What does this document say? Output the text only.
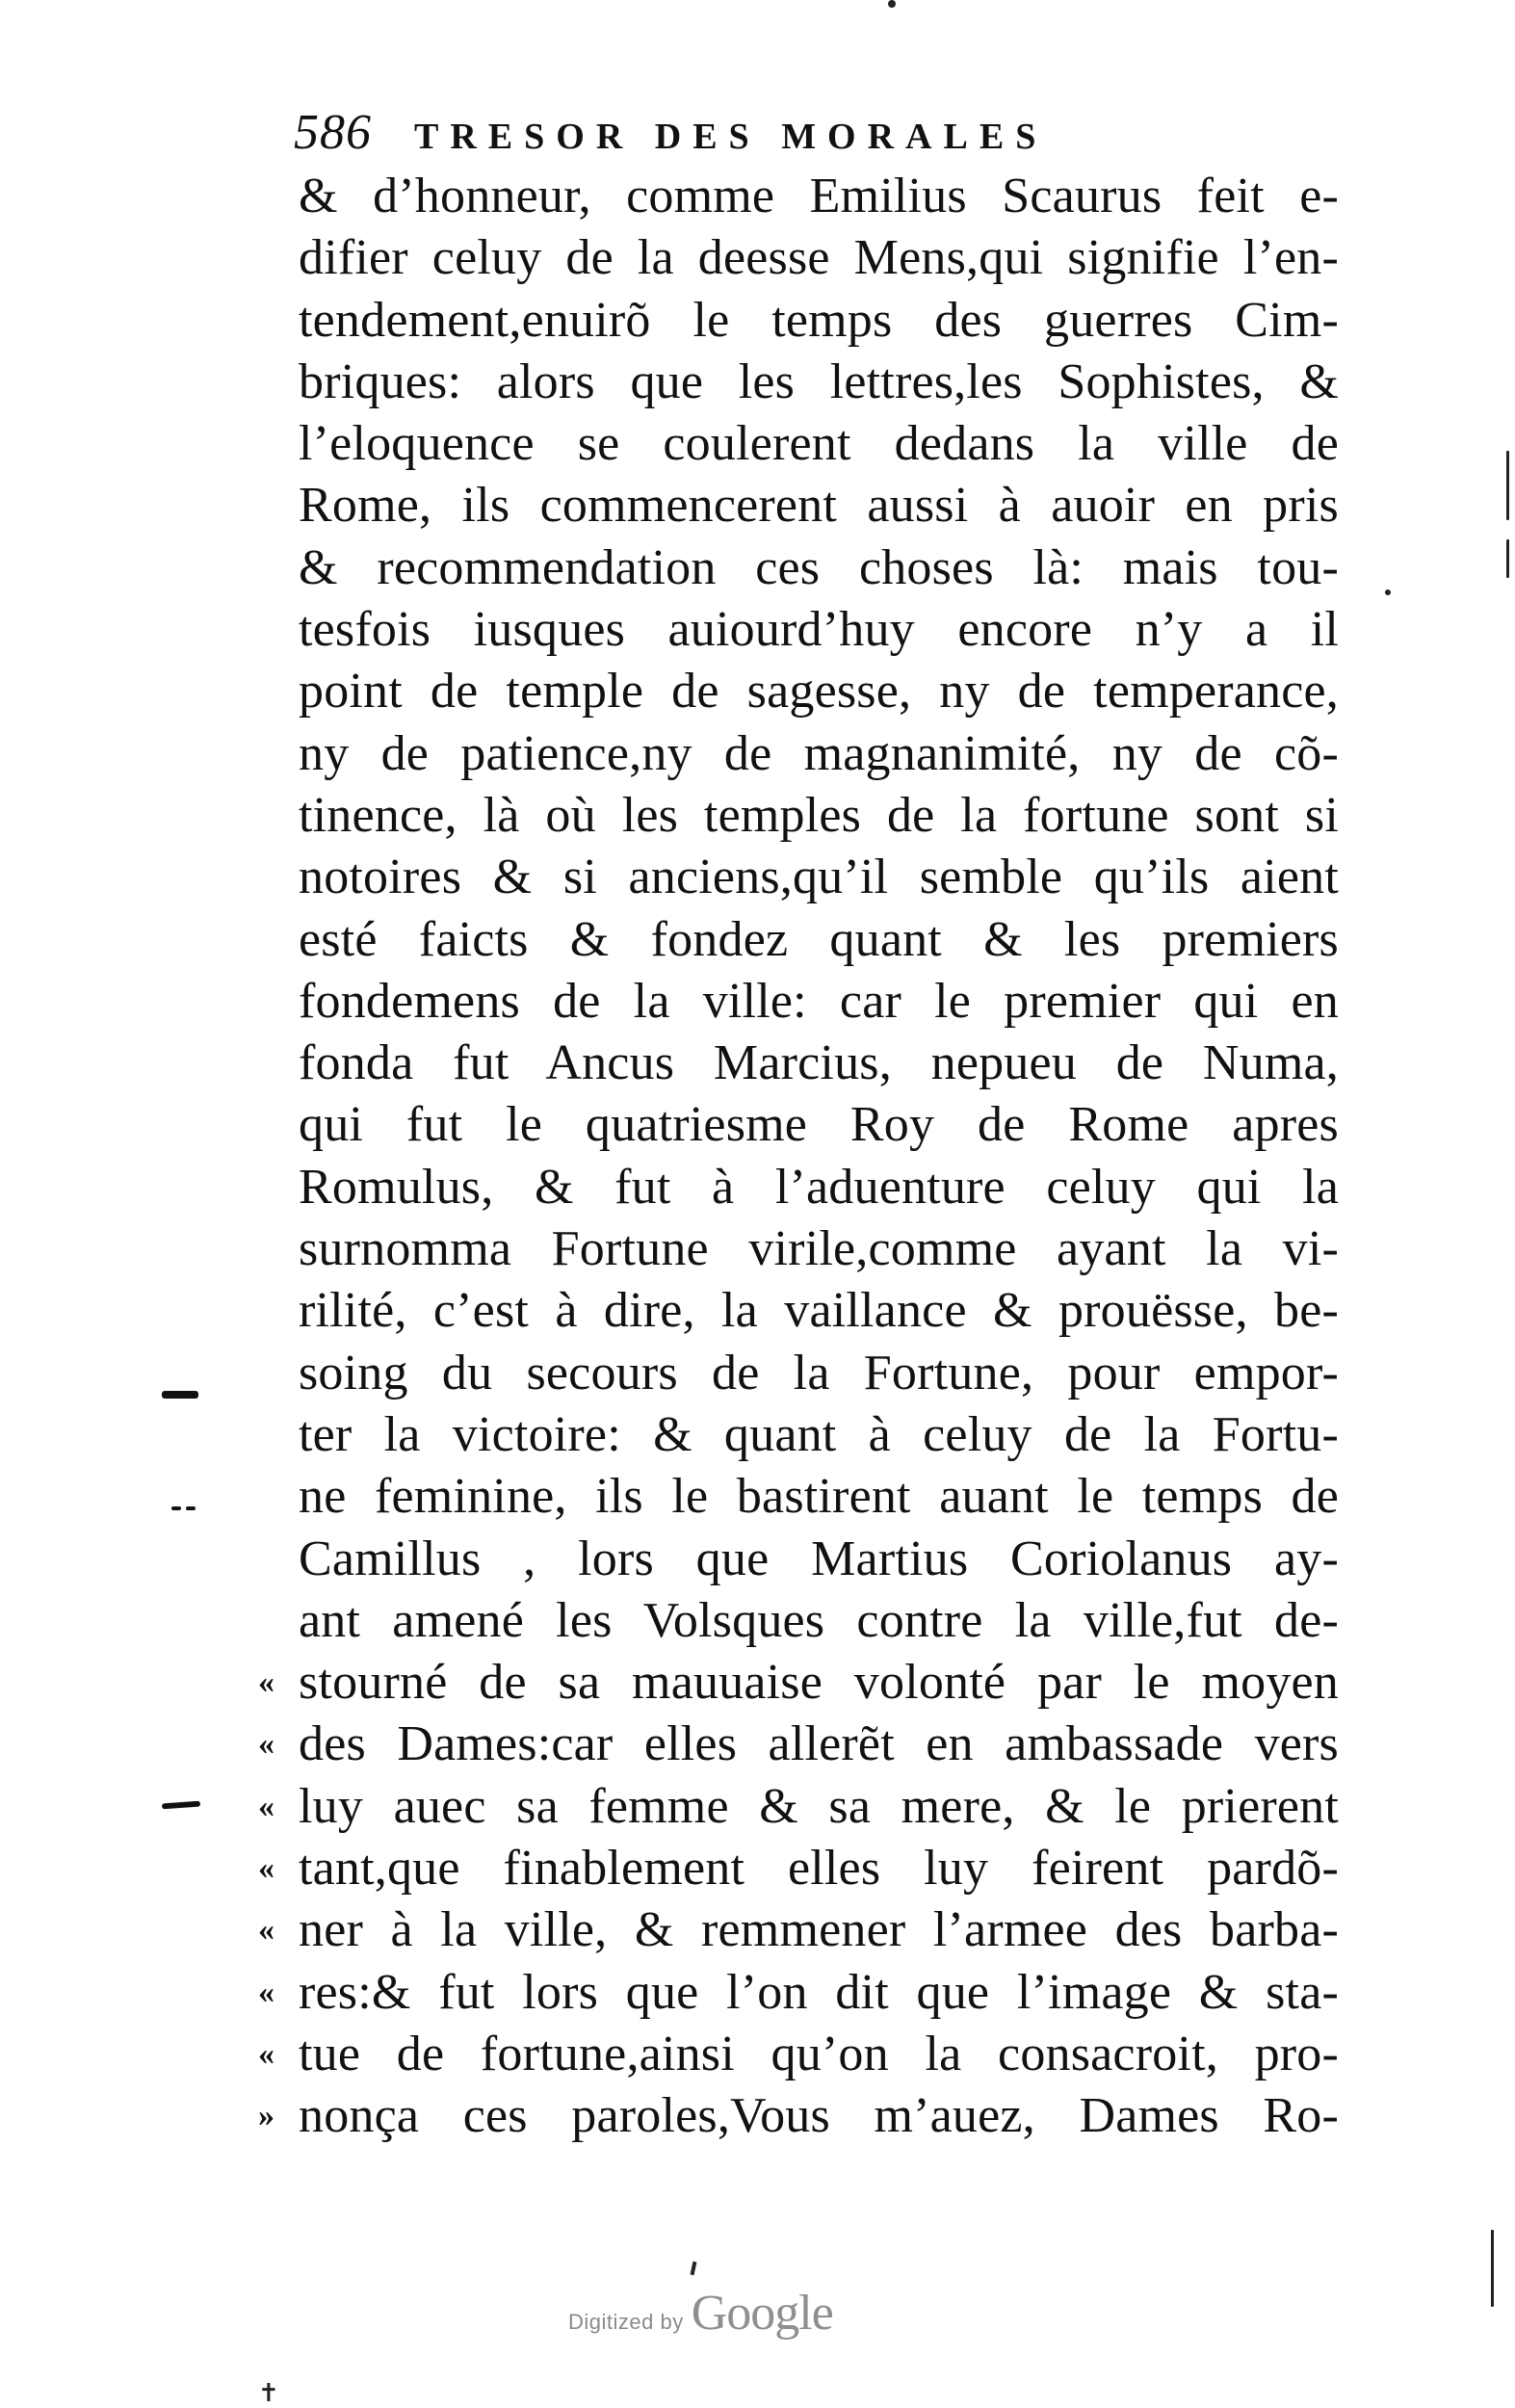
586 TRESOR DES MORALES
& d’honneur, comme Emilius Scaurus feit e-
difier celuy de la deesse Mens,qui signifie l’en-
tendement,enuirõ le temps des guerres Cim-
briques: alors que les lettres,les Sophistes, &
l’eloquence se coulerent dedans la ville de
Rome, ils commencerent aussi à auoir en pris
& recommendation ces choses là: mais tou-
tesfois iusques auiourd’huy encore n’y a il
point de temple de sagesse, ny de temperance,
ny de patience,ny de magnanimité, ny de cõ-
tinence, là où les temples de la fortune sont si
notoires & si anciens,qu’il semble qu’ils aient
esté faicts & fondez quant & les premiers
fondemens de la ville: car le premier qui en
fonda fut Ancus Marcius, nepueu de Numa,
qui fut le quatriesme Roy de Rome apres
Romulus, & fut à l’aduenture celuy qui la
surnomma Fortune virile,comme ayant la vi-
rilité, c’est à dire, la vaillance & prouësse, be-
soing du secours de la Fortune, pour empor-
ter la victoire: & quant à celuy de la Fortu-
ne feminine, ils le bastirent auant le temps de
Camillus , lors que Martius Coriolanus ay-
ant amené les Volsques contre la ville,fut de-
« stourné de sa mauuaise volonté par le moyen
« des Dames:car elles allerẽt en ambassade vers
« luy auec sa femme & sa mere, & le prierent
« tant,que finablement elles luy feirent pardõ-
« ner à la ville, & remmener l’armee des barba-
« res:& fut lors que l’on dit que l’image & sta-
« tue de fortune,ainsi qu’on la consacroit, pro-
» nonça ces paroles,Vous m’auez, Dames Ro-
✝
Digitized by Google
